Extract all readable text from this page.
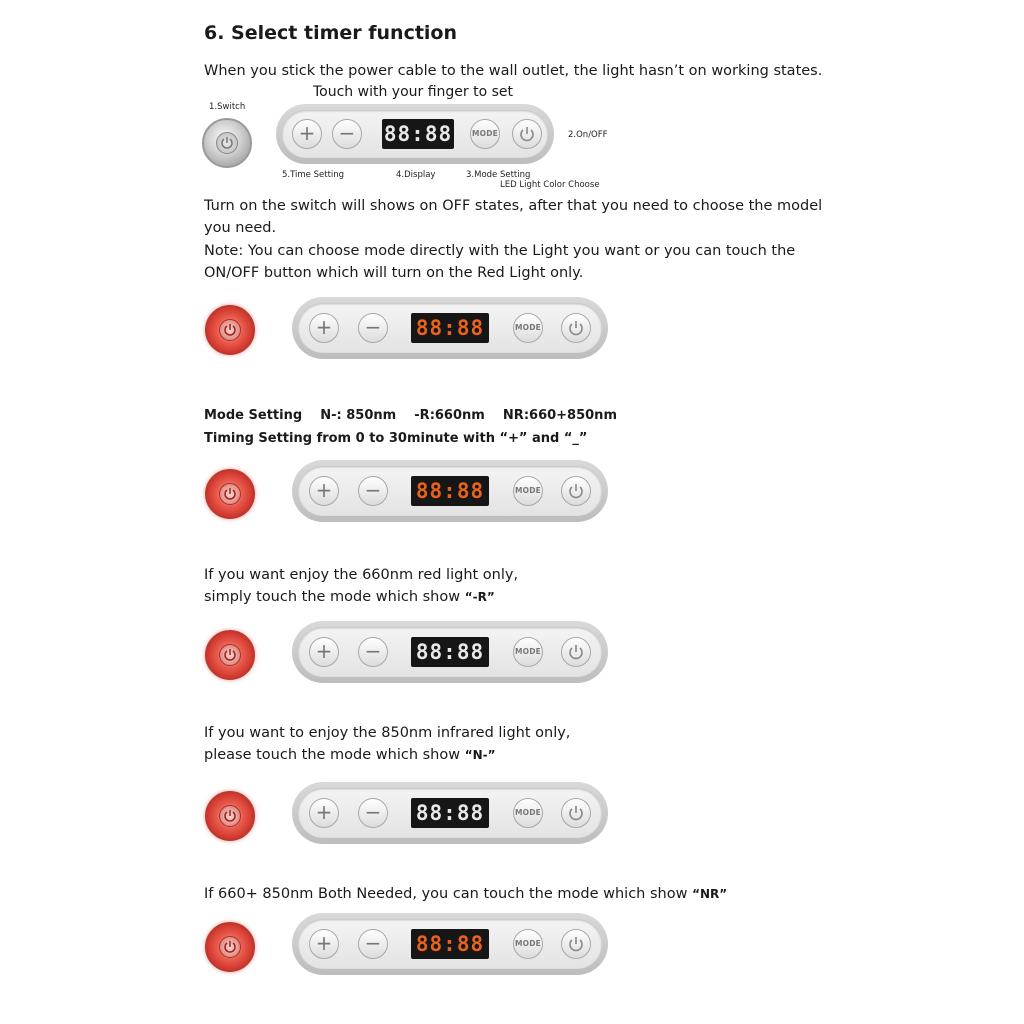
6. Select timer function
When you stick the power cable to the wall outlet, the light hasn’t on working states.
Touch with your finger to set
1.Switch
2.On/OFF
5.Time Setting	4.Display	3.Mode Setting
LED Light Color Choose
+	−	88:88	MODE
Turn on the switch will shows on OFF states, after that you need to choose the model
you need.
Note: You can choose mode directly with the Light you want or you can touch the
ON/OFF button which will turn on the Red Light only.
+	−	88:88	MODE
Mode Setting    N-: 850nm    -R:660nm    NR:660+850nm
Timing Setting from 0 to 30minute with “+” and “_”
+	−	88:88	MODE
If you want enjoy the 660nm red light only,
simply touch the mode which show “-R”
+	−	88:88	MODE
If you want to enjoy the 850nm infrared light only,
please touch the mode which show “N-”
+	−	88:88	MODE
If 660+ 850nm Both Needed, you can touch the mode which show “NR”
+	−	88:88	MODE
